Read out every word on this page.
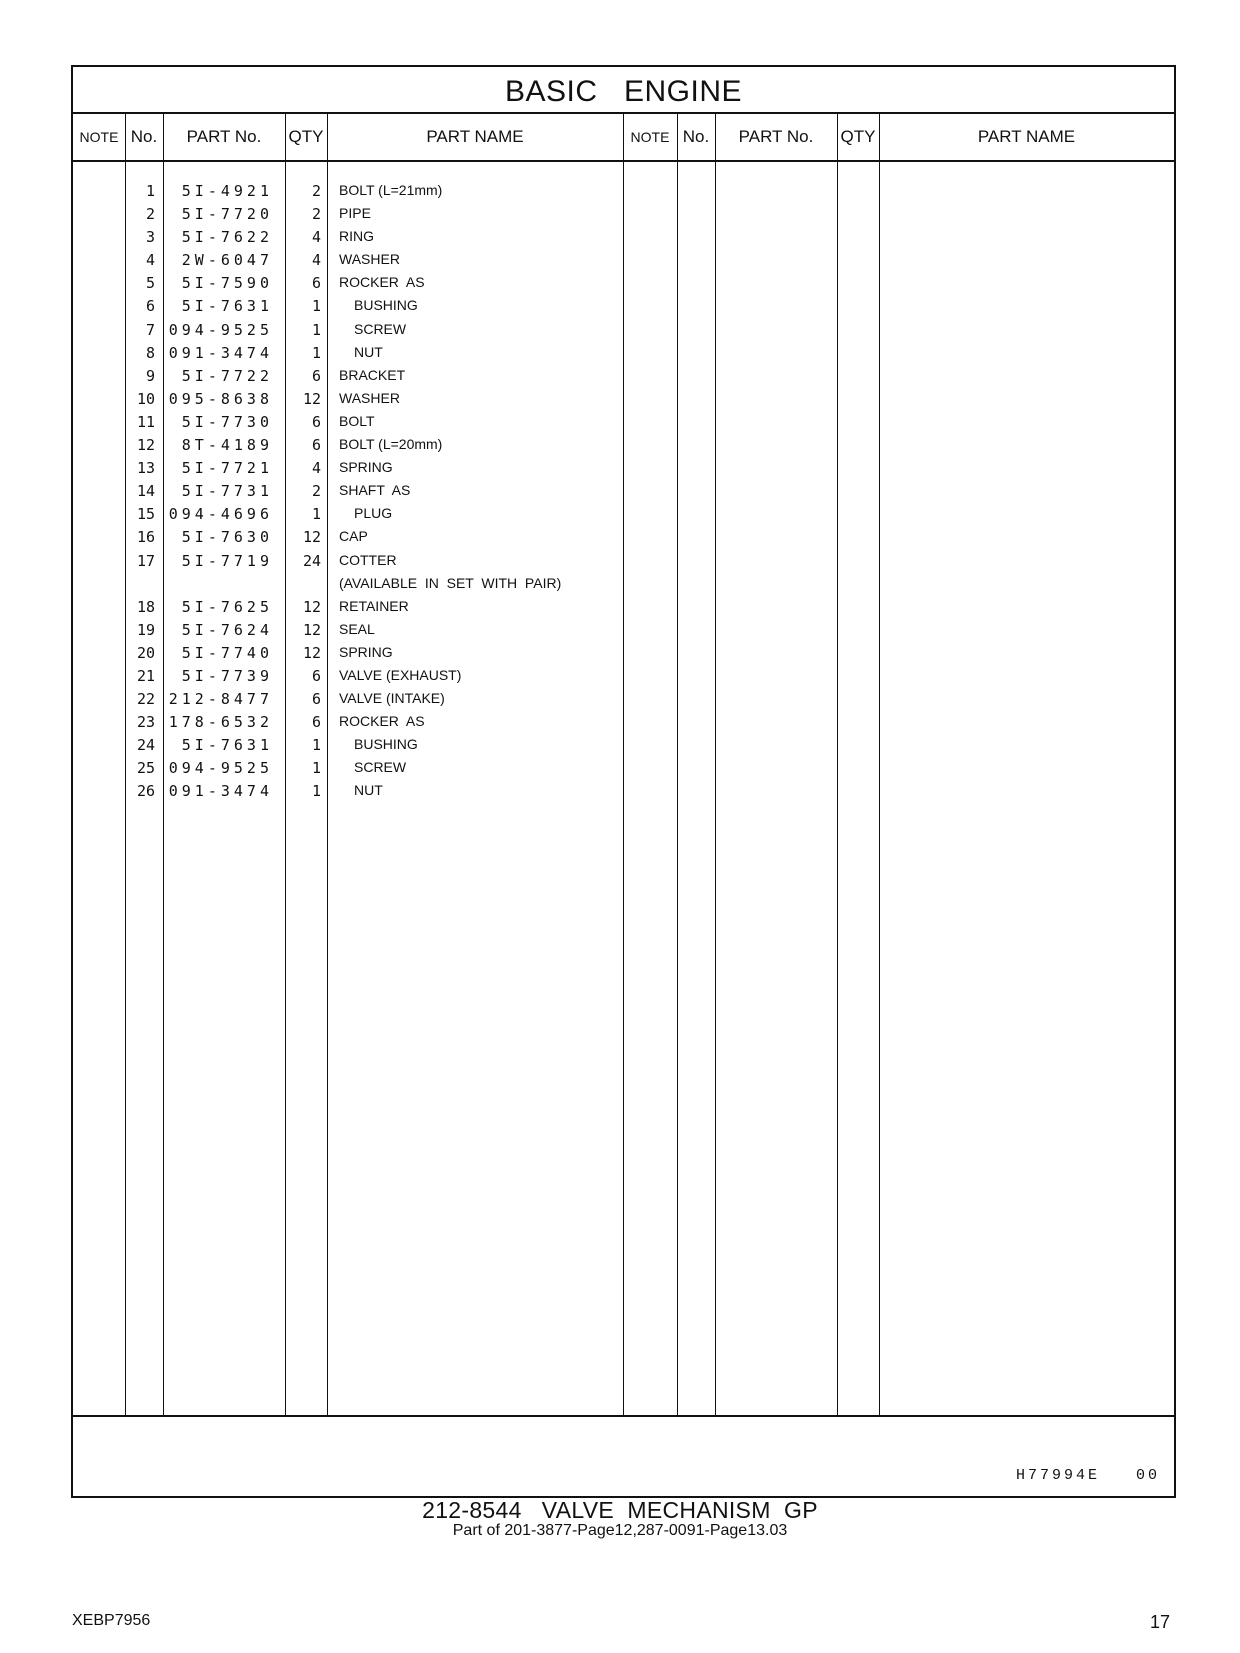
BASIC   ENGINE
NOTE No.	PART No.	QTY	PART NAME	NOTE No.	PART No.	QTY	PART NAME
1	5I-4921	2 BOLT (L=21mm)
2	5I-7720	2 PIPE
3	5I-7622	4 RING
4	2W-6047	4 WASHER
5	5I-7590	6 ROCKER  AS
6	5I-7631	1	BUSHING
7 094-9525	1	SCREW
8 091-3474	1	NUT
9	5I-7722	6 BRACKET
10 095-8638	12 WASHER
11	5I-7730	6 BOLT
12	8T-4189	6 BOLT (L=20mm)
13	5I-7721	4 SPRING
14	5I-7731	2 SHAFT  AS
15 094-4696	1	PLUG
16	5I-7630	12 CAP
17	5I-7719	24 COTTER
(AVAILABLE  IN  SET  WITH  PAIR)
18	5I-7625	12 RETAINER
19	5I-7624	12 SEAL
20	5I-7740	12 SPRING
21	5I-7739	6 VALVE (EXHAUST)
22 212-8477	6 VALVE (INTAKE)
23 178-6532	6 ROCKER  AS
24	5I-7631	1	BUSHING
25 094-9525	1	SCREW
26 091-3474	1	NUT
H77994E   00
212-8544   VALVE  MECHANISM  GP
Part of 201-3877-Page12,287-0091-Page13.03
XEBP7956	17
